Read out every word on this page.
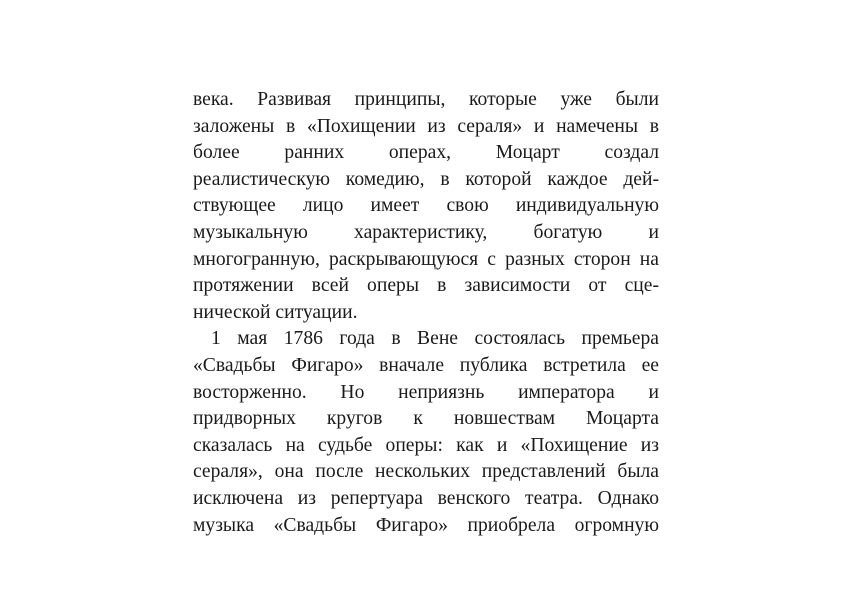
века. Развивая принципы, которые уже были
заложены в «Похищении из сераля» и намечены в
более ранних операх, Моцарт создал
реалистическую комедию, в которой каждое дей-
ствующее лицо имеет свою индивидуальную
музыкальную характеристику, богатую и
многогранную, раскрывающуюся с разных сторон на
протяжении всей оперы в зависимости от сце-
нической ситуации.
1 мая 1786 года в Вене состоялась премьера
«Свадьбы Фигаро» вначале публика встретила ее
восторженно. Но неприязнь императора и
придворных кругов к новшествам Моцарта
сказалась на судьбе оперы: как и «Похищение из
сераля», она после нескольких представлений была
исключена из репертуара венского театра. Однако
музыка «Свадьбы Фигаро» приобрела огромную
